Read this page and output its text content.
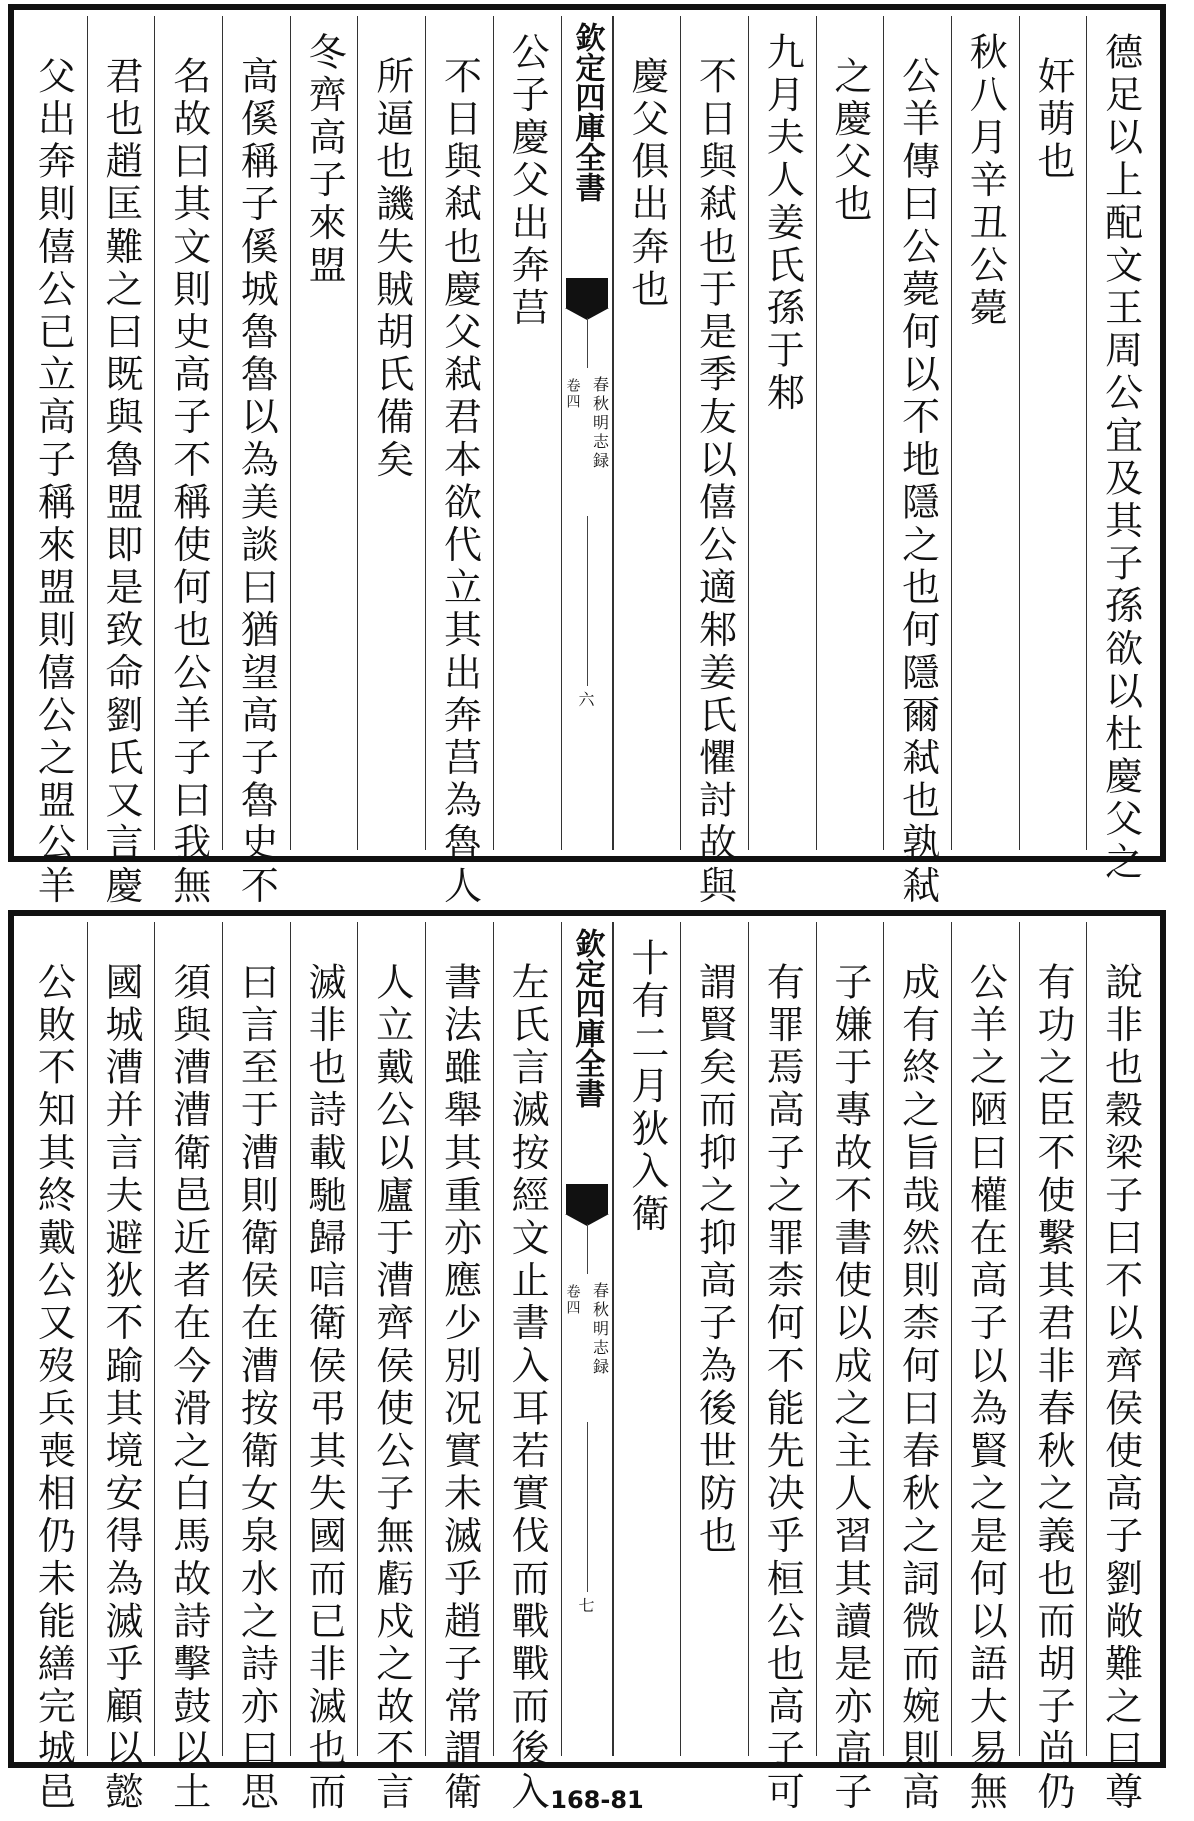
德足以上配文王周公宜及其子孫欲以杜慶父之
奸萌也
秋八月辛丑公薨
公羊傳曰公薨何以不地隱之也何隱爾弒也孰弒
之慶父也
九月夫人姜氏孫于邾
不日與弒也于是季友以僖公適邾姜氏懼討故與
慶父俱出奔也
欽定四庫全書
春秋明志録
卷四
六
公子慶父出奔莒
不日與弒也慶父弒君本欲代立其出奔莒為魯人
所逼也譏失賊胡氏備矣
冬齊高子來盟
高傒稱子傒城魯魯以為美談曰猶望高子魯史不
名故曰其文則史高子不稱使何也公羊子曰我無
君也趙匡難之曰既與魯盟即是致命劉氏又言慶
父出奔則僖公已立高子稱來盟則僖公之盟公羊
說非也穀梁子曰不以齊侯使高子劉敞難之曰尊
有功之臣不使繫其君非春秋之義也而胡子尚仍
公羊之陋曰權在高子以為賢之是何以語大易無
成有終之旨哉然則柰何曰春秋之詞微而婉則高
子嫌于專故不書使以成之主人習其讀是亦高子
有罪焉高子之罪柰何不能先决乎桓公也高子可
謂賢矣而抑之抑高子為後世防也
十有二月狄入衛
欽定四庫全書
春秋明志録
卷四
七
左氏言滅按經文止書入耳若實伐而戰戰而後入
書法雖舉其重亦應少別况實未滅乎趙子常謂衛
人立戴公以廬于漕齊侯使公子無虧戍之故不言
滅非也詩載馳歸唁衛侯弔其失國而已非滅也而
曰言至于漕則衛侯在漕按衛女泉水之詩亦曰思
須與漕漕衛邑近者在今滑之白馬故詩擊鼓以土
國城漕并言夫避狄不踰其境安得為滅乎顧以懿
公敗不知其終戴公又歿兵喪相仍未能繕完城邑	168-81
